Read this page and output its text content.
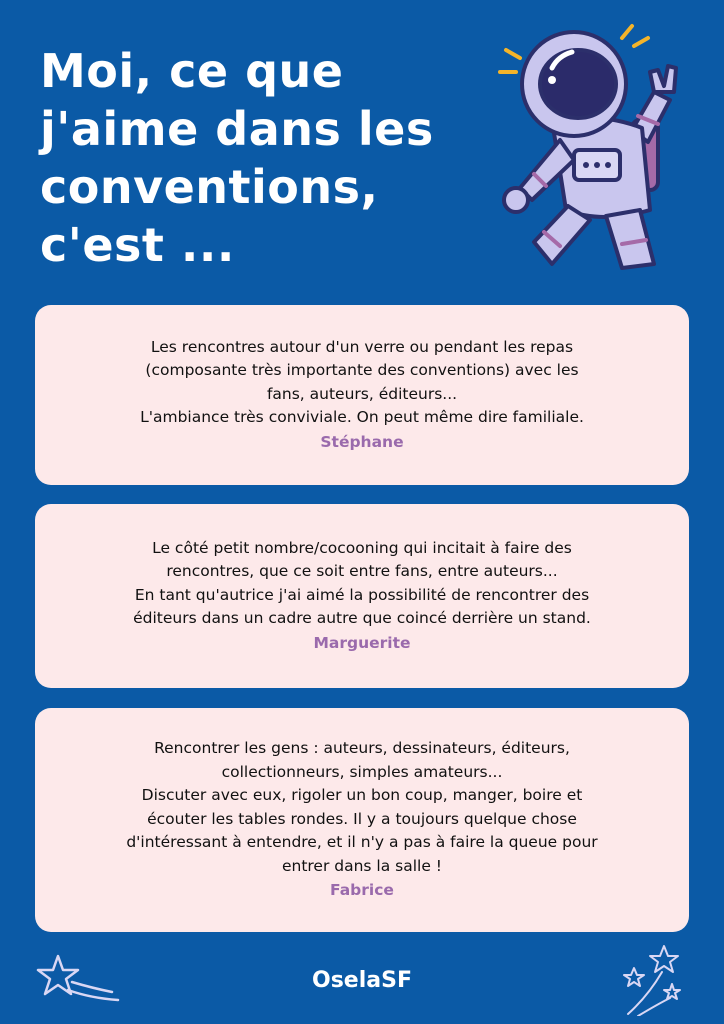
Moi, ce que
j'aime dans les
conventions,
c'est ...
Les rencontres autour d'un verre ou pendant les repas
(composante très importante des conventions) avec les
fans, auteurs, éditeurs...
L'ambiance très conviviale. On peut même dire familiale.
Stéphane
Le côté petit nombre/cocooning qui incitait à faire des
rencontres, que ce soit entre fans, entre auteurs...
En tant qu'autrice j'ai aimé la possibilité de rencontrer des
éditeurs dans un cadre autre que coincé derrière un stand.
Marguerite
Rencontrer les gens : auteurs, dessinateurs, éditeurs,
collectionneurs, simples amateurs...
Discuter avec eux, rigoler un bon coup, manger, boire et
écouter les tables rondes. Il y a toujours quelque chose
d'intéressant à entendre, et il n'y a pas à faire la queue pour
entrer dans la salle !
Fabrice
OselaSF
